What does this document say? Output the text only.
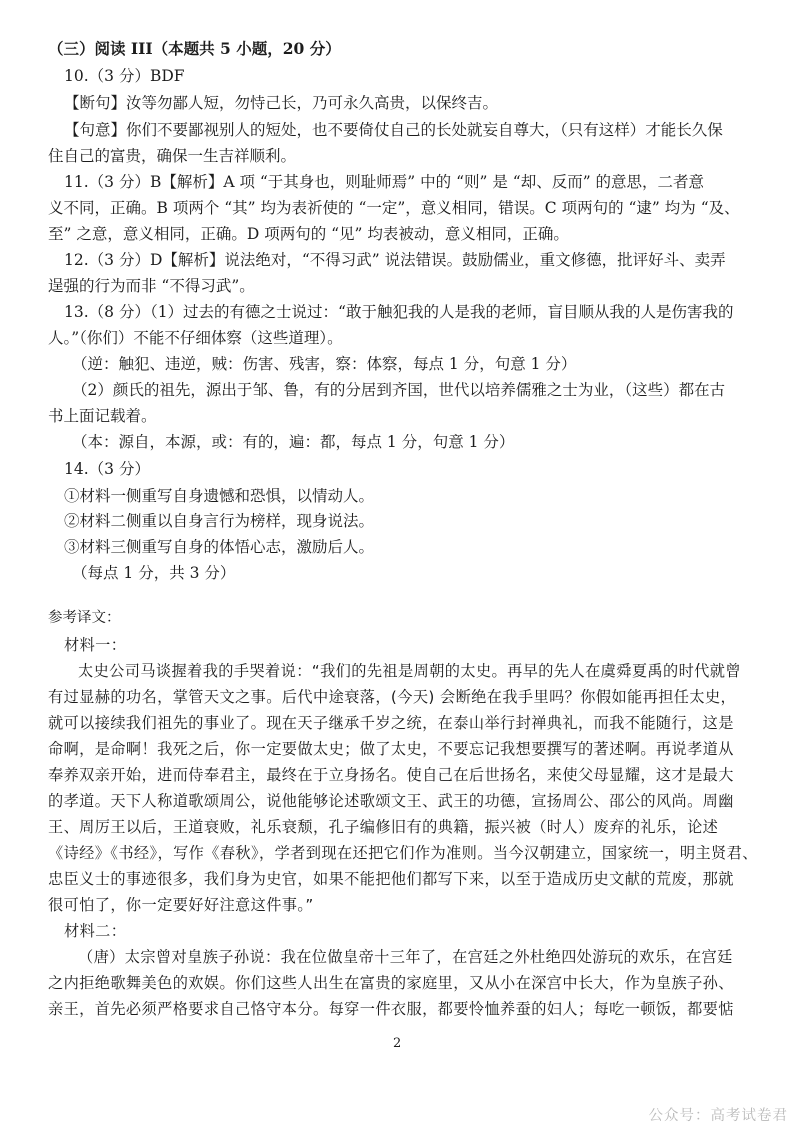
（三）阅读 III（本题共 5 小题，20 分）
10.（3 分）BDF
【断句】汝等勿鄙人短，勿恃己长，乃可永久高贵，以保终吉。
【句意】你们不要鄙视别人的短处，也不要倚仗自己的长处就妄自尊大，（只有这样）才能长久保
住自己的富贵，确保一生吉祥顺利。
11.（3 分）B【解析】A 项 “于其身也，则耻师焉” 中的 “则” 是 “却、反而” 的意思，二者意
义不同，正确。B 项两个 “其” 均为表祈使的 “一定”，意义相同，错误。C 项两句的 “逮” 均为 “及、
至” 之意，意义相同，正确。D 项两句的 “见” 均表被动，意义相同，正确。
12.（3 分）D【解析】说法绝对，“不得习武” 说法错误。鼓励儒业，重文修德，批评好斗、卖弄
逞强的行为而非 “不得习武”。
13.（8 分）（1）过去的有德之士说过：“敢于触犯我的人是我的老师，盲目顺从我的人是伤害我的
人。”（你们）不能不仔细体察（这些道理）。
（逆：触犯、违逆，贼：伤害、残害，察：体察，每点 1 分，句意 1 分）
（2）颜氏的祖先，源出于邹、鲁，有的分居到齐国，世代以培养儒雅之士为业，（这些）都在古
书上面记载着。
（本：源自，本源，或：有的，遍：都，每点 1 分，句意 1 分）
14.（3 分）
①材料一侧重写自身遗憾和恐惧，以情动人。
②材料二侧重以自身言行为榜样，现身说法。
③材料三侧重写自身的体悟心志，激励后人。
（每点 1 分，共 3 分）
参考译文：
材料一：
太史公司马谈握着我的手哭着说：“我们的先祖是周朝的太史。再早的先人在虞舜夏禹的时代就曾
有过显赫的功名，掌管天文之事。后代中途衰落，(今天) 会断绝在我手里吗？你假如能再担任太史，
就可以接续我们祖先的事业了。现在天子继承千岁之统，在泰山举行封禅典礼，而我不能随行，这是
命啊，是命啊！我死之后，你一定要做太史；做了太史，不要忘记我想要撰写的著述啊。再说孝道从
奉养双亲开始，进而侍奉君主，最终在于立身扬名。使自己在后世扬名，来使父母显耀，这才是最大
的孝道。天下人称道歌颂周公，说他能够论述歌颂文王、武王的功德，宣扬周公、邵公的风尚。周幽
王、周厉王以后，王道衰败，礼乐衰颓，孔子编修旧有的典籍，振兴被（时人）废弃的礼乐，论述
《诗经》《书经》，写作《春秋》，学者到现在还把它们作为准则。当今汉朝建立，国家统一，明主贤君、
忠臣义士的事迹很多，我们身为史官，如果不能把他们都写下来，以至于造成历史文献的荒废，那就
很可怕了，你一定要好好注意这件事。”
材料二：
（唐）太宗曾对皇族子孙说：我在位做皇帝十三年了，在宫廷之外杜绝四处游玩的欢乐，在宫廷
之内拒绝歌舞美色的欢娱。你们这些人出生在富贵的家庭里，又从小在深宫中长大，作为皇族子孙、
亲王，首先必须严格要求自己恪守本分。每穿一件衣服，都要怜恤养蚕的妇人；每吃一顿饭，都要惦
2
公众号：高考试卷君
